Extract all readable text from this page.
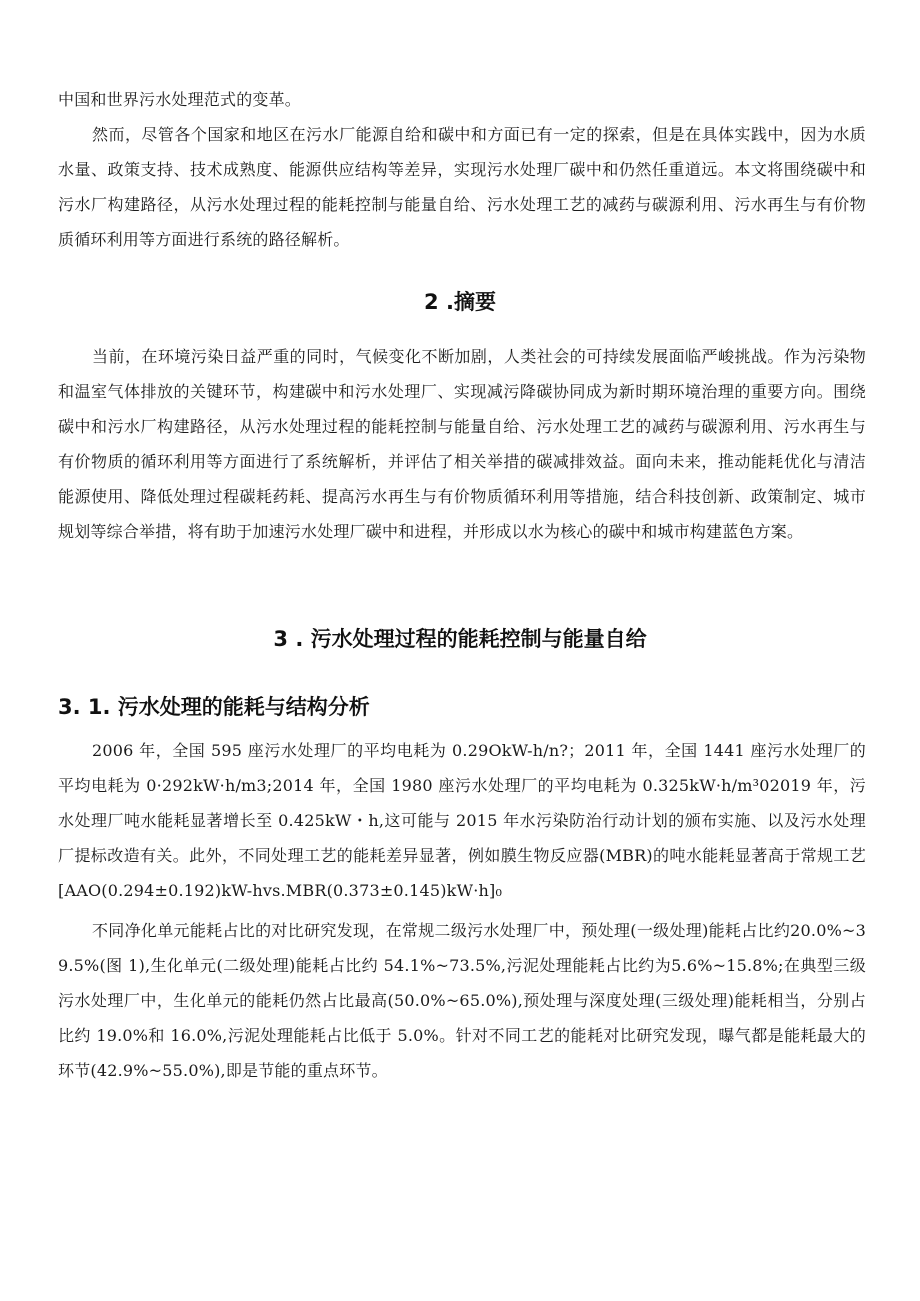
中国和世界污水处理范式的变革。

然而，尽管各个国家和地区在污水厂能源自给和碳中和方面已有一定的探索，但是在具体实践中，因为水质水量、政策支持、技术成熟度、能源供应结构等差异，实现污水处理厂碳中和仍然任重道远。本文将围绕碳中和污水厂构建路径，从污水处理过程的能耗控制与能量自给、污水处理工艺的减药与碳源利用、污水再生与有价物质循环利用等方面进行系统的路径解析。

2 .摘要

当前，在环境污染日益严重的同时，气候变化不断加剧，人类社会的可持续发展面临严峻挑战。作为污染物和温室气体排放的关键环节，构建碳中和污水处理厂、实现减污降碳协同成为新时期环境治理的重要方向。围绕碳中和污水厂构建路径，从污水处理过程的能耗控制与能量自给、污水处理工艺的减药与碳源利用、污水再生与有价物质的循环利用等方面进行了系统解析，并评估了相关举措的碳减排效益。面向未来，推动能耗优化与清洁能源使用、降低处理过程碳耗药耗、提高污水再生与有价物质循环利用等措施，结合科技创新、政策制定、城市规划等综合举措，将有助于加速污水处理厂碳中和进程，并形成以水为核心的碳中和城市构建蓝色方案。

3 . 污水处理过程的能耗控制与能量自给
3. 1. 污水处理的能耗与结构分析

2006 年，全国 595 座污水处理厂的平均电耗为 0.29OkW-h/n?；2011 年，全国 1441 座污水处理厂的平均电耗为 0·292kW·h∕m3;2014 年，全国 1980 座污水处理厂的平均电耗为 0.325kW·h∕m³02019 年，污水处理厂吨水能耗显著增长至 0.425kW・h,这可能与 2015 年水污染防治行动计划的颁布实施、以及污水处理厂提标改造有关。此外，不同处理工艺的能耗差异显著，例如膜生物反应器(MBR)的吨水能耗显著高于常规工艺[AAO(0.294±0.192)kW-hvs.MBR(0.373±0.145)kW·h]₀

不同净化单元能耗占比的对比研究发现，在常规二级污水处理厂中，预处理(一级处理)能耗占比约20.0%~39.5%(图 1),生化单元(二级处理)能耗占比约 54.1%~73.5%,污泥处理能耗占比约为5.6%~15.8%;在典型三级污水处理厂中，生化单元的能耗仍然占比最高(50.0%~65.0%),预处理与深度处理(三级处理)能耗相当，分别占比约 19.0%和 16.0%,污泥处理能耗占比低于 5.0%。针对不同工艺的能耗对比研究发现，曝气都是能耗最大的环节(42.9%~55.0%),即是节能的重点环节。
